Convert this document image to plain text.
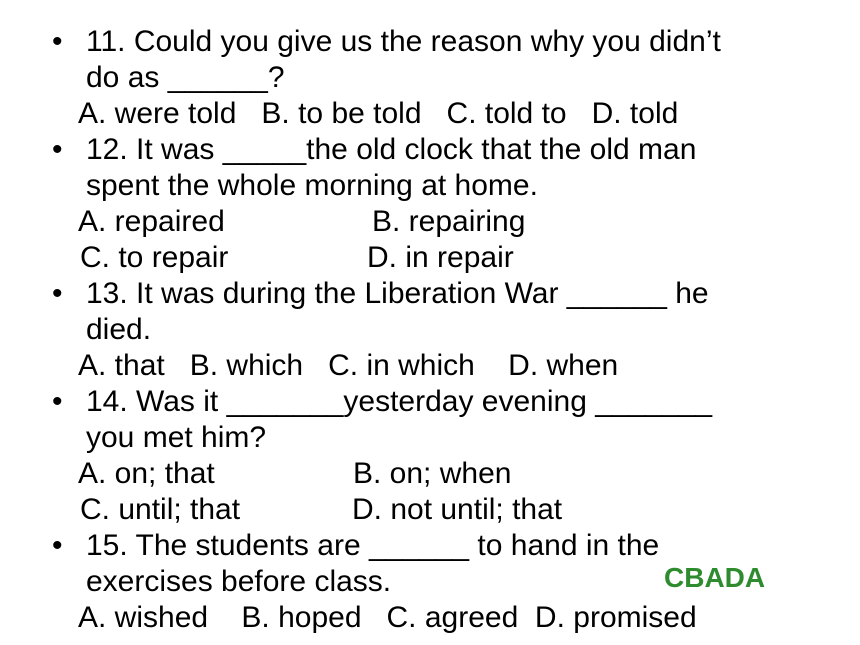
• 11. Could you give us the reason why you didn’t
do as ______?
A. were told   B. to be told   C. told to   D. told
• 12. It was _____the old clock that the old man
spent the whole morning at home.
A. repaired	B. repairing
C. to repair	D. in repair
• 13. It was during the Liberation War ______ he
died.
A. that   B. which   C. in which    D. when
• 14. Was it _______yesterday evening _______
you met him?
A. on; that	B. on; when
C. until; that	D. not until; that
• 15. The students are ______ to hand in the
exercises before class.	CBADA
A. wished    B. hoped   C. agreed  D. promised
